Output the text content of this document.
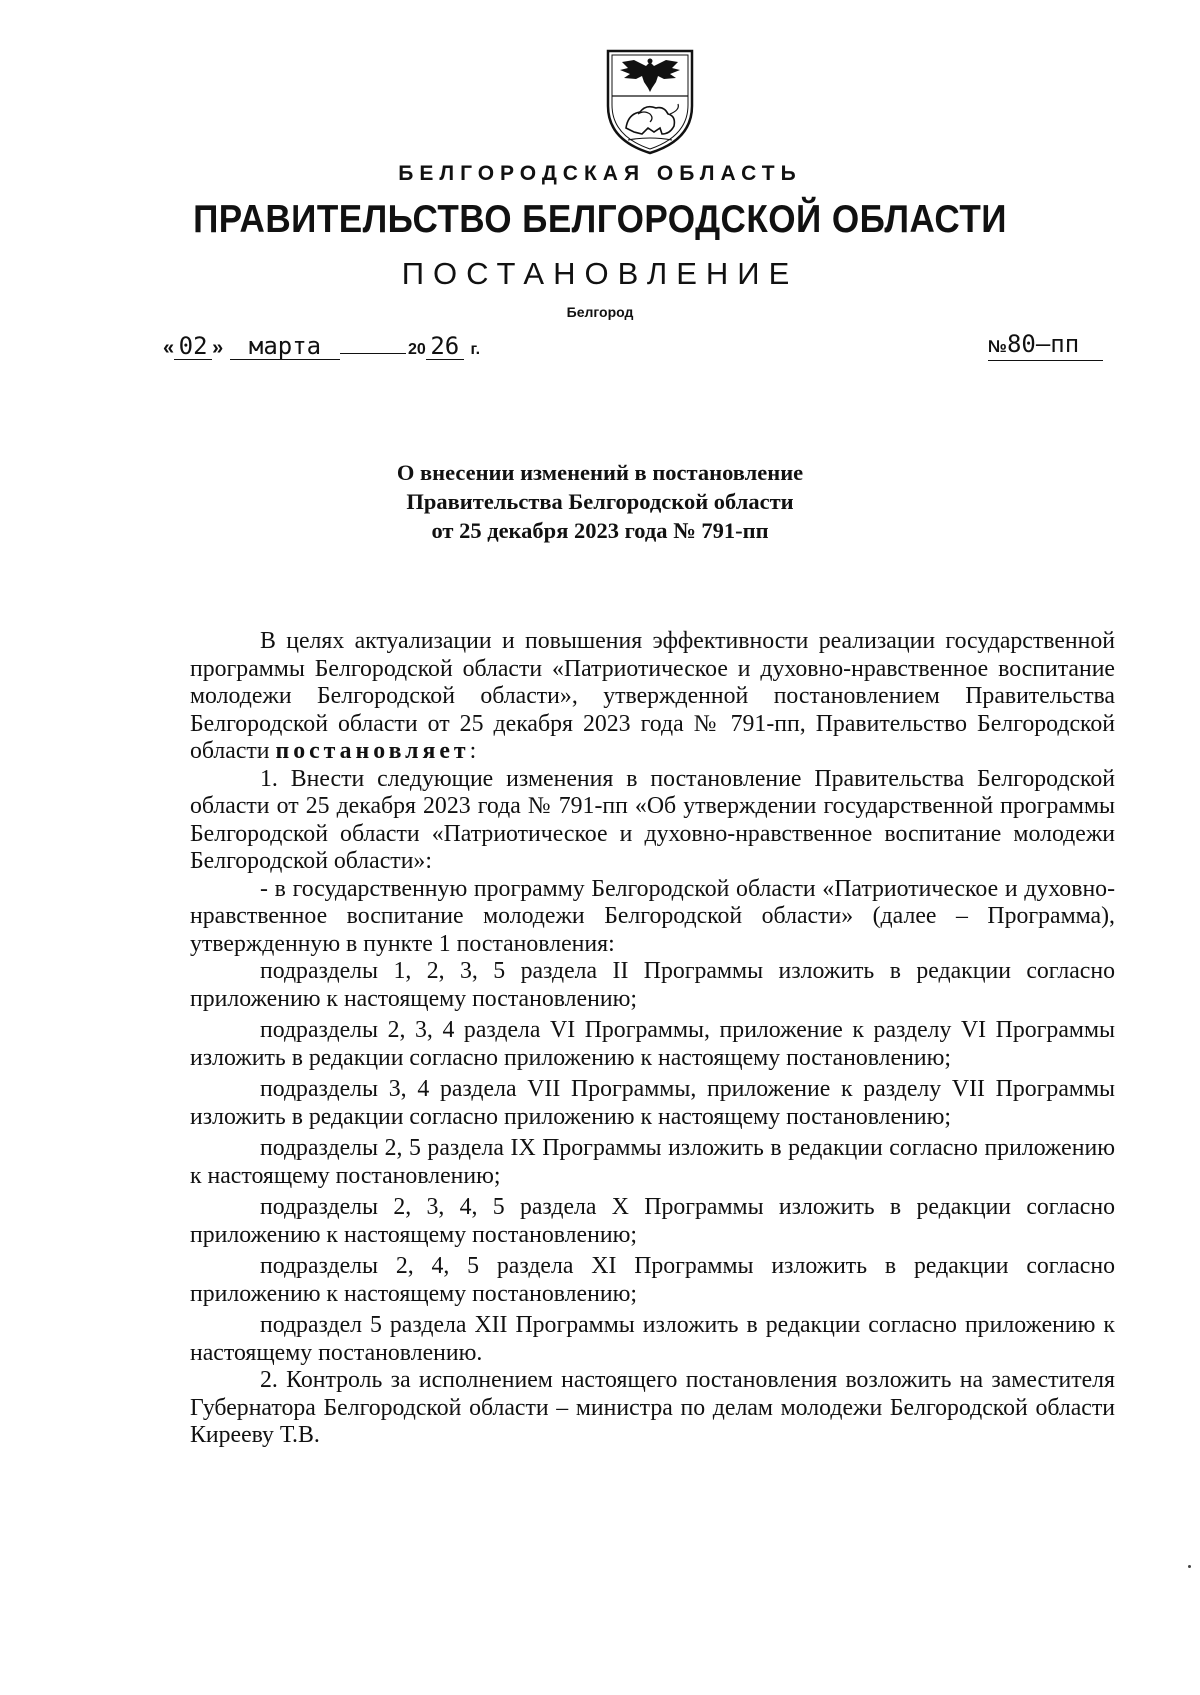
БЕЛГОРОДСКАЯ ОБЛАСТЬ
ПРАВИТЕЛЬСТВО БЕЛГОРОДСКОЙ ОБЛАСТИ
ПОСТАНОВЛЕНИЕ
Белгород
« 02 » марта	20 26 г.	№80–пп
О внесении изменений в постановление
Правительства Белгородской области
от 25 декабря 2023 года № 791-пп

В целях актуализации и повышения эффективности реализации государственной программы Белгородской области «Патриотическое и духовно-нравственное воспитание молодежи Белгородской области», утвержденной постановлением Правительства Белгородской области от 25 декабря 2023 года № 791-пп, Правительство Белгородской области постановляет:

1. Внести следующие изменения в постановление Правительства Белгородской области от 25 декабря 2023 года № 791-пп «Об утверждении государственной программы Белгородской области «Патриотическое и духовно-нравственное воспитание молодежи Белгородской области»:

- в государственную программу Белгородской области «Патриотическое и духовно-нравственное воспитание молодежи Белгородской области» (далее – Программа), утвержденную в пункте 1 постановления:

подразделы 1, 2, 3, 5 раздела II Программы изложить в редакции согласно приложению к настоящему постановлению;

подразделы 2, 3, 4 раздела VI Программы, приложение к разделу VI Программы изложить в редакции согласно приложению к настоящему постановлению;

подразделы 3, 4 раздела VII Программы, приложение к разделу VII Программы изложить в редакции согласно приложению к настоящему постановлению;

подразделы 2, 5 раздела IX Программы изложить в редакции согласно приложению к настоящему постановлению;

подразделы 2, 3, 4, 5 раздела X Программы изложить в редакции согласно приложению к настоящему постановлению;

подразделы 2, 4, 5 раздела XI Программы изложить в редакции согласно приложению к настоящему постановлению;

подраздел 5 раздела XII Программы изложить в редакции согласно приложению к настоящему постановлению.

2. Контроль за исполнением настоящего постановления возложить на заместителя Губернатора Белгородской области – министра по делам молодежи Белгородской области Кирееву Т.В.
